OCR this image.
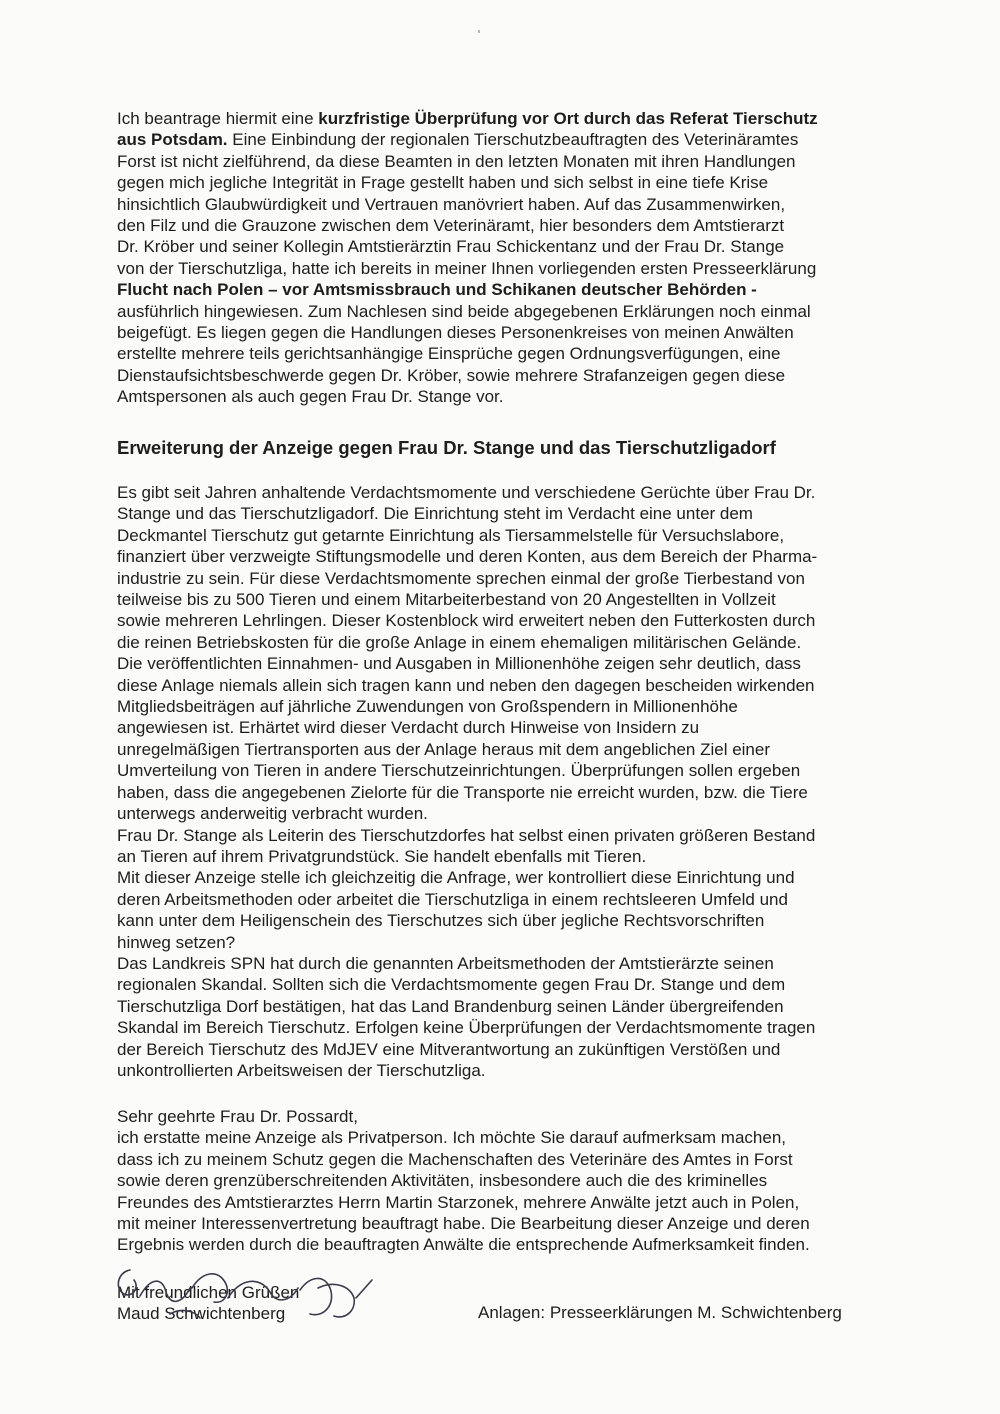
Ich beantrage hiermit eine kurzfristige Überprüfung vor Ort durch das Referat Tierschutz
aus Potsdam. Eine Einbindung der regionalen Tierschutzbeauftragten des Veterinäramtes
Forst ist nicht zielführend, da diese Beamten in den letzten Monaten mit ihren Handlungen
gegen mich jegliche Integrität in Frage gestellt haben und sich selbst in eine tiefe Krise
hinsichtlich Glaubwürdigkeit und Vertrauen manövriert haben. Auf das Zusammenwirken,
den Filz und die Grauzone zwischen dem Veterinäramt, hier besonders dem Amtstierarzt
Dr. Kröber und seiner Kollegin Amtstierärztin Frau Schickentanz und der Frau Dr. Stange
von der Tierschutzliga, hatte ich bereits in meiner Ihnen vorliegenden ersten Presseerklärung
Flucht nach Polen – vor Amtsmissbrauch und Schikanen deutscher Behörden -
ausführlich hingewiesen. Zum Nachlesen sind beide abgegebenen Erklärungen noch einmal
beigefügt. Es liegen gegen die Handlungen dieses Personenkreises von meinen Anwälten
erstellte mehrere teils gerichtsanhängige Einsprüche gegen Ordnungsverfügungen, eine
Dienstaufsichtsbeschwerde gegen Dr. Kröber, sowie mehrere Strafanzeigen gegen diese
Amtspersonen als auch gegen Frau Dr. Stange vor.
Erweiterung der Anzeige gegen Frau Dr. Stange und das Tierschutzligadorf
Es gibt seit Jahren anhaltende Verdachtsmomente und verschiedene Gerüchte über Frau Dr.
Stange und das Tierschutzligadorf. Die Einrichtung steht im Verdacht eine unter dem
Deckmantel Tierschutz gut getarnte Einrichtung als Tiersammelstelle für Versuchslabore,
finanziert über verzweigte Stiftungsmodelle und deren Konten, aus dem Bereich der Pharma-
industrie zu sein. Für diese Verdachtsmomente sprechen einmal der große Tierbestand von
teilweise bis zu 500 Tieren und einem Mitarbeiterbestand von 20 Angestellten in Vollzeit
sowie mehreren Lehrlingen. Dieser Kostenblock wird erweitert neben den Futterkosten durch
die reinen Betriebskosten für die große Anlage in einem ehemaligen militärischen Gelände.
Die veröffentlichten Einnahmen- und Ausgaben in Millionenhöhe zeigen sehr deutlich, dass
diese Anlage niemals allein sich tragen kann und neben den dagegen bescheiden wirkenden
Mitgliedsbeiträgen auf jährliche Zuwendungen von Großspendern in Millionenhöhe
angewiesen ist. Erhärtet wird dieser Verdacht durch Hinweise von Insidern zu
unregelmäßigen Tiertransporten aus der Anlage heraus mit dem angeblichen Ziel einer
Umverteilung von Tieren in andere Tierschutzeinrichtungen. Überprüfungen sollen ergeben
haben, dass die angegebenen Zielorte für die Transporte nie erreicht wurden, bzw. die Tiere
unterwegs anderweitig verbracht wurden.
Frau Dr. Stange als Leiterin des Tierschutzdorfes hat selbst einen privaten größeren Bestand
an Tieren auf ihrem Privatgrundstück. Sie handelt ebenfalls mit Tieren.
Mit dieser Anzeige stelle ich gleichzeitig die Anfrage, wer kontrolliert diese Einrichtung und
deren Arbeitsmethoden oder arbeitet die Tierschutzliga in einem rechtsleeren Umfeld und
kann unter dem Heiligenschein des Tierschutzes sich über jegliche Rechtsvorschriften
hinweg setzen?
Das Landkreis SPN hat durch die genannten Arbeitsmethoden der Amtstierärzte seinen
regionalen Skandal. Sollten sich die Verdachtsmomente gegen Frau Dr. Stange und dem
Tierschutzliga Dorf bestätigen, hat das Land Brandenburg seinen Länder übergreifenden
Skandal im Bereich Tierschutz. Erfolgen keine Überprüfungen der Verdachtsmomente tragen
der Bereich Tierschutz des MdJEV eine Mitverantwortung an zukünftigen Verstößen und
unkontrollierten Arbeitsweisen der Tierschutzliga.
Sehr geehrte Frau Dr. Possardt,
ich erstatte meine Anzeige als Privatperson. Ich möchte Sie darauf aufmerksam machen,
dass ich zu meinem Schutz gegen die Machenschaften des Veterinäre des Amtes in Forst
sowie deren grenzüberschreitenden Aktivitäten, insbesondere auch die des kriminelles
Freundes des Amtstierarztes Herrn Martin Starzonek, mehrere Anwälte jetzt auch in Polen,
mit meiner Interessenvertretung beauftragt habe. Die Bearbeitung dieser Anzeige und deren
Ergebnis werden durch die beauftragten Anwälte die entsprechende Aufmerksamkeit finden.
Mit freundlichen Grüßen
Maud Schwichtenberg	Anlagen: Presseerklärungen M. Schwichtenberg
